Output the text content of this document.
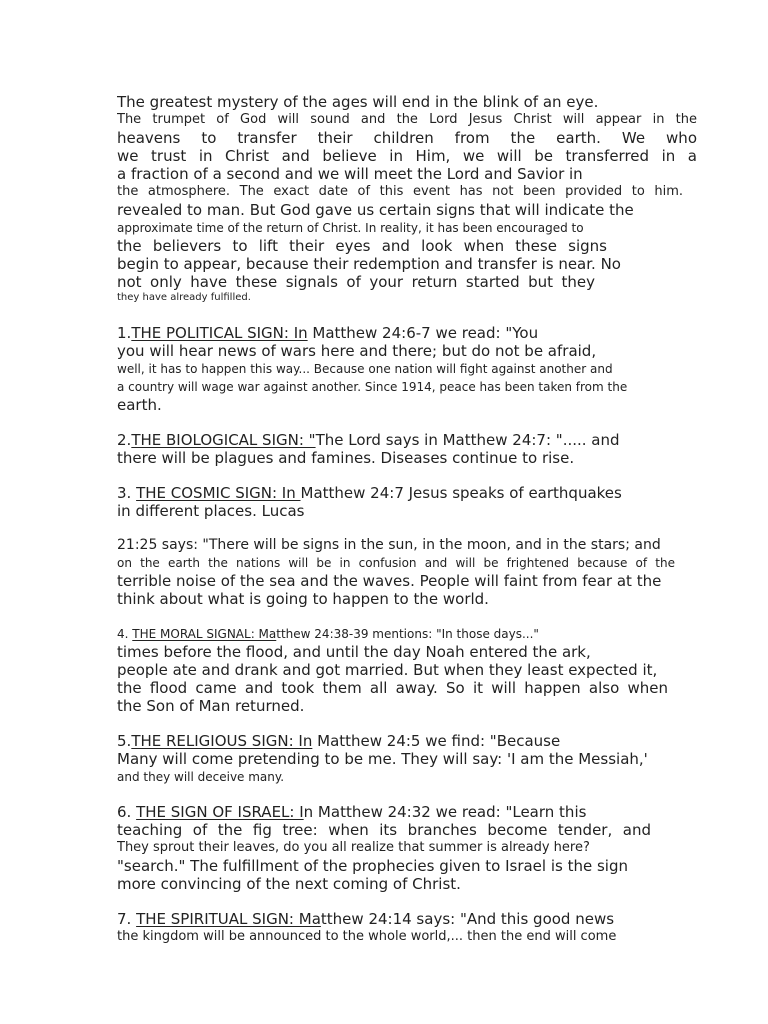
The greatest mystery of the ages will end in the blink of an eye.
The trumpet of God will sound and the Lord Jesus Christ will appear in the
heavens to transfer their children from the earth. We who
we trust in Christ and believe in Him, we will be transferred in a
a fraction of a second and we will meet the Lord and Savior in
the atmosphere. The exact date of this event has not been provided to him.
revealed to man. But God gave us certain signs that will indicate the
approximate time of the return of Christ. In reality, it has been encouraged to
the believers to lift their eyes and look when these signs
begin to appear, because their redemption and transfer is near. No
not only have these signals of your return started but they
they have already fulfilled.
1.THE POLITICAL SIGN: In Matthew 24:6-7 we read: "You
you will hear news of wars here and there; but do not be afraid,
well, it has to happen this way... Because one nation will fight against another and
a country will wage war against another. Since 1914, peace has been taken from the
earth.
2.THE BIOLOGICAL SIGN: "The Lord says in Matthew 24:7: "..... and
there will be plagues and famines. Diseases continue to rise.
3. THE COSMIC SIGN: In Matthew 24:7 Jesus speaks of earthquakes
in different places. Lucas
21:25 says: "There will be signs in the sun, in the moon, and in the stars; and
on the earth the nations will be in confusion and will be frightened because of the
terrible noise of the sea and the waves. People will faint from fear at the
think about what is going to happen to the world.
4. THE MORAL SIGNAL: Matthew 24:38-39 mentions: "In those days..."
times before the flood, and until the day Noah entered the ark,
people ate and drank and got married. But when they least expected it,
the flood came and took them all away. So it will happen also when
the Son of Man returned.
5.THE RELIGIOUS SIGN: In Matthew 24:5 we find: "Because
Many will come pretending to be me. They will say: 'I am the Messiah,'
and they will deceive many.
6. THE SIGN OF ISRAEL: In Matthew 24:32 we read: "Learn this
teaching of the fig tree: when its branches become tender, and
They sprout their leaves, do you all realize that summer is already here?
"search." The fulfillment of the prophecies given to Israel is the sign
more convincing of the next coming of Christ.
7. THE SPIRITUAL SIGN: Matthew 24:14 says: "And this good news
the kingdom will be announced to the whole world,... then the end will come
